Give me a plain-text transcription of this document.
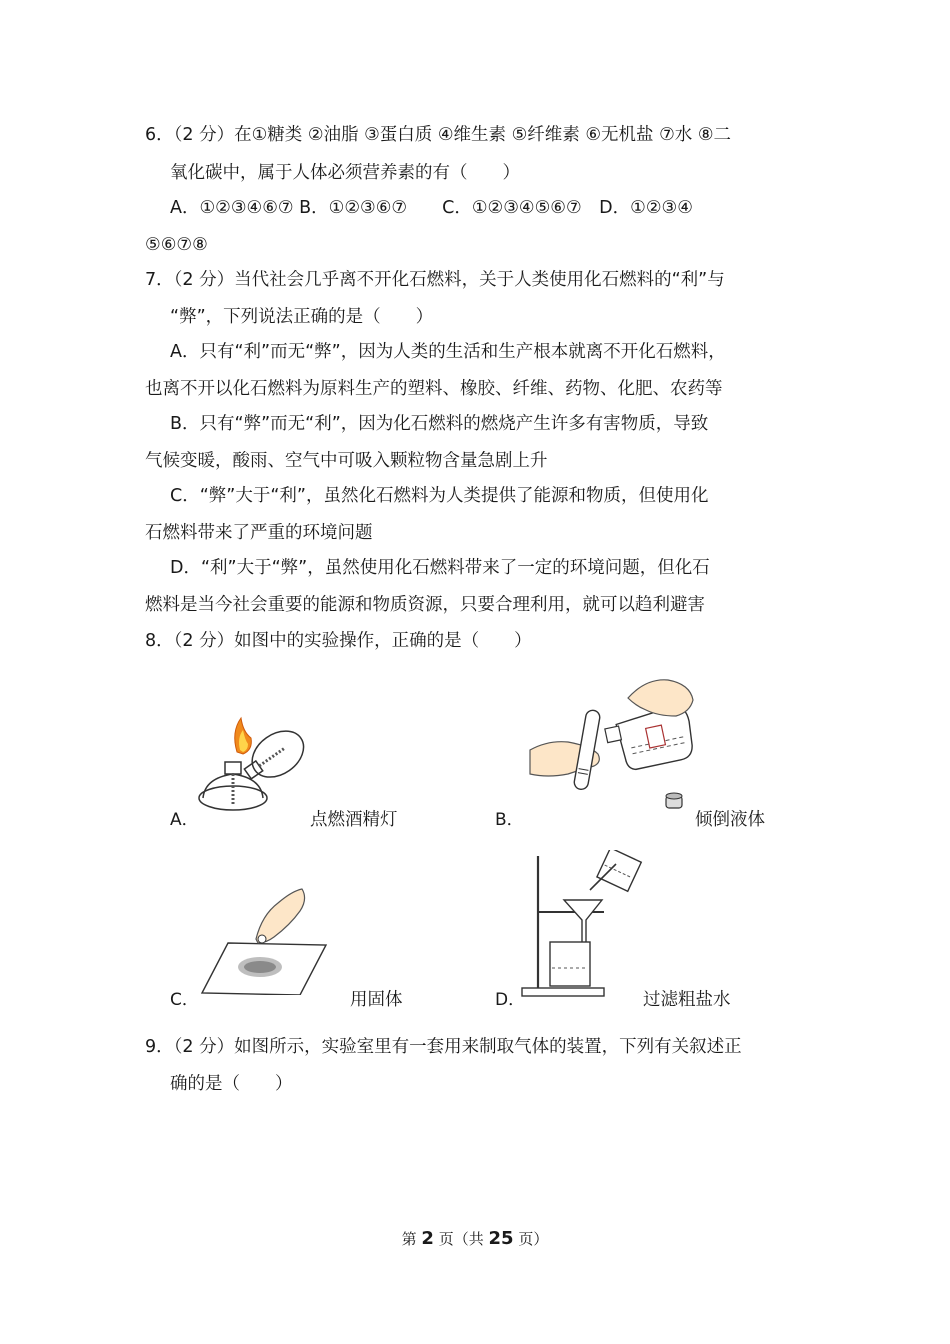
6．（2 分）在①糖类 ②油脂 ③蛋白质 ④维生素 ⑤纤维素 ⑥无机盐 ⑦水 ⑧二
氧化碳中，属于人体必须营养素的有（　　）
A．①②③④⑥⑦ B．①②③⑥⑦　　C．①②③④⑤⑥⑦　D．①②③④
⑤⑥⑦⑧
7．（2 分）当代社会几乎离不开化石燃料，关于人类使用化石燃料的“利”与
“弊”，下列说法正确的是（　　）
A．只有“利”而无“弊”，因为人类的生活和生产根本就离不开化石燃料，
也离不开以化石燃料为原料生产的塑料、橡胶、纤维、药物、化肥、农药等
B．只有“弊”而无“利”，因为化石燃料的燃烧产生许多有害物质，导致
气候变暖，酸雨、空气中可吸入颗粒物含量急剧上升
C．“弊”大于“利”，虽然化石燃料为人类提供了能源和物质，但使用化
石燃料带来了严重的环境问题
D．“利”大于“弊”，虽然使用化石燃料带来了一定的环境问题，但化石
燃料是当今社会重要的能源和物质资源，只要合理利用，就可以趋利避害
8．（2 分）如图中的实验操作，正确的是（　　）
A．	点燃酒精灯	B．	倾倒液体
C．	用固体	D．	过滤粗盐水
9．（2 分）如图所示，实验室里有一套用来制取气体的装置，下列有关叙述正
确的是（　　）
第 2 页（共 25 页）
